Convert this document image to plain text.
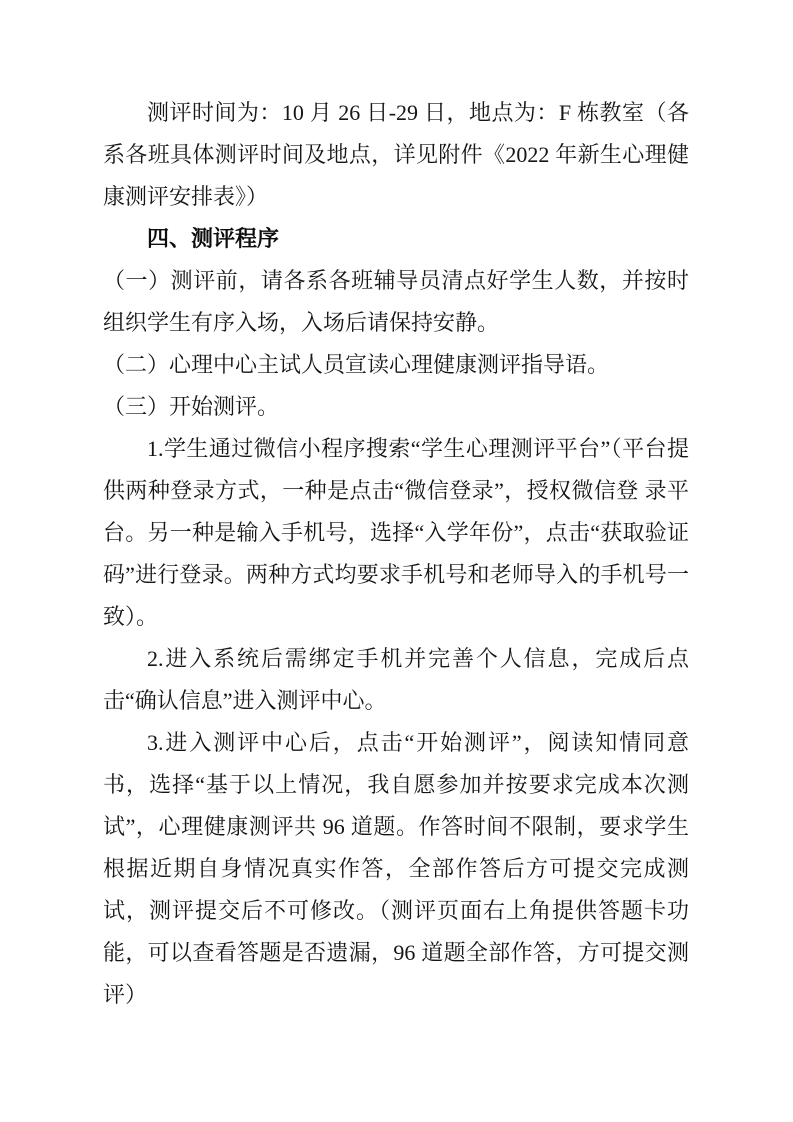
测评时间为：10 月 26 日-29 日，地点为：F 栋教室（各系各班具体测评时间及地点，详见附件《2022 年新生心理健康测评安排表》）

四、测评程序

（一）测评前，请各系各班辅导员清点好学生人数，并按时组织学生有序入场，入场后请保持安静。

（二）心理中心主试人员宣读心理健康测评指导语。

（三）开始测评。

1.学生通过微信小程序搜索“学生心理测评平台”（平台提供两种登录方式，一种是点击“微信登录”，授权微信登 录平台。另一种是输入手机号，选择“入学年份”，点击“获取验证码”进行登录。两种方式均要求手机号和老师导入的手机号一致）。

2.进入系统后需绑定手机并完善个人信息，完成后点击“确认信息”进入测评中心。

3.进入测评中心后，点击“开始测评”，阅读知情同意书，选择“基于以上情况，我自愿参加并按要求完成本次测试”，心理健康测评共 96 道题。作答时间不限制，要求学生根据近期自身情况真实作答，全部作答后方可提交完成测试，测评提交后不可修改。（测评页面右上角提供答题卡功能，可以查看答题是否遗漏，96 道题全部作答，方可提交测评）
